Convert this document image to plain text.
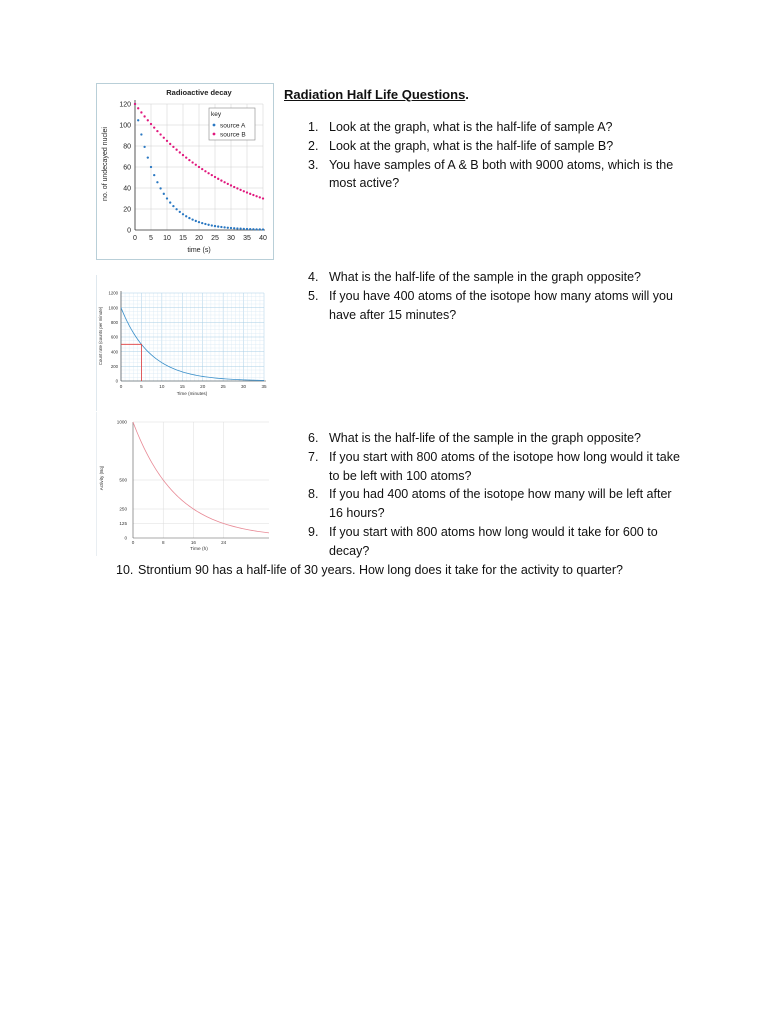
Radioactive decay
no. of undecayed nuclei
time (s)
0 5 10 15 20 25 30 35 40
0
20
40
60
80
100
120
key
source A
source B
Count rate (counts per minute)
Time (minutes)
0	5	10	15	20	25	30	35
0
200
400
600
800
1000
1200
Activity (Bq)
Time (h)
0	8	16	24
1000
500
250
125
0
Radiation Half Life Questions.
1. Look at the graph, what is the half-life of sample A?
2. Look at the graph, what is the half-life of sample B?
3. You have samples of A & B both with 9000 atoms, which is the most active?
4. What is the half-life of the sample in the graph opposite?
5. If you have 400 atoms of the isotope how many atoms will you have after 15 minutes?
6. What is the half-life of the sample in the graph opposite?
7. If you start with 800 atoms of the isotope how long would it take to be left with 100 atoms?
8. If you had 400 atoms of the isotope how many will be left after 16 hours?
9. If you start with 800 atoms how long would it take for 600 to decay?
10. Strontium 90 has a half-life of 30 years. How long does it take for the activity to quarter?
